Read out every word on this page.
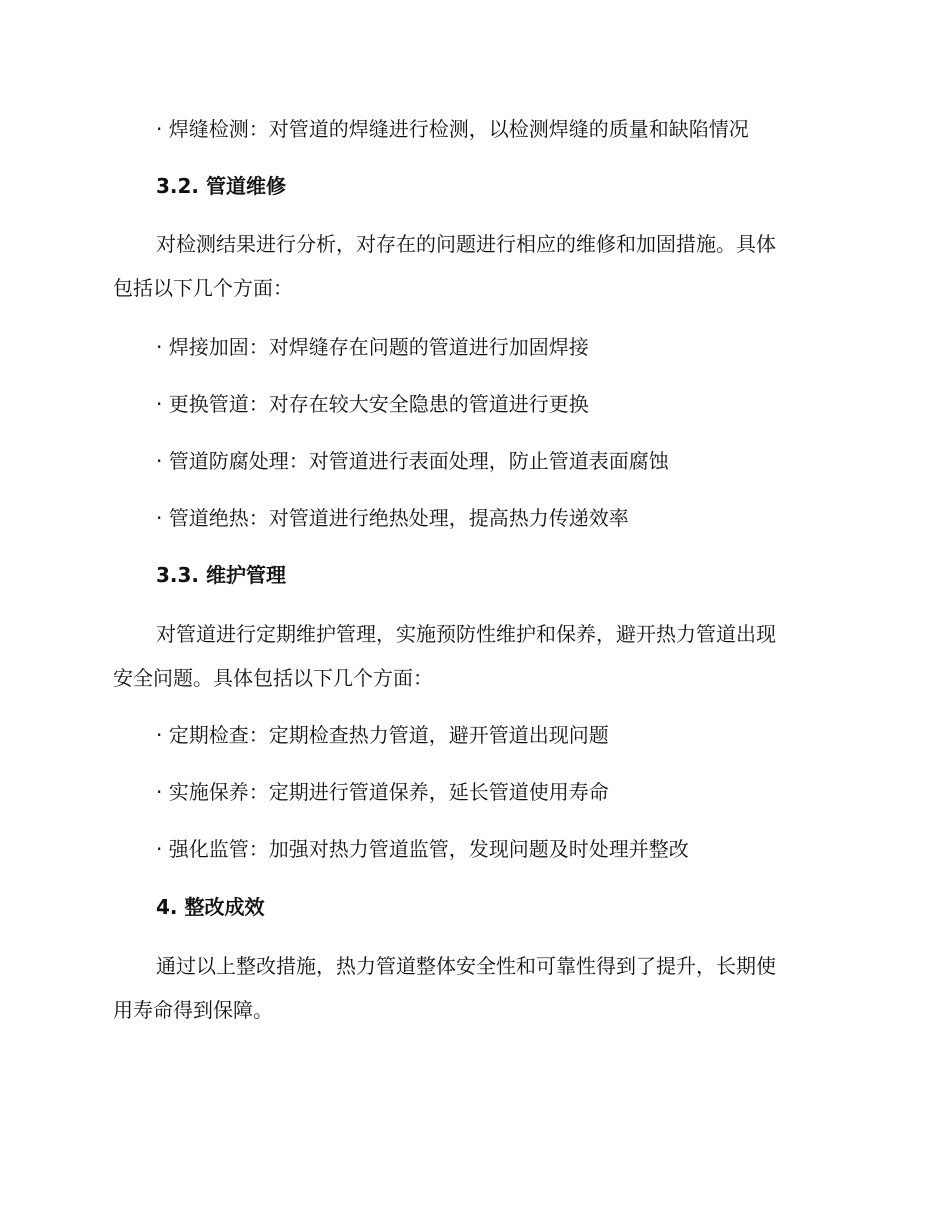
· 焊缝检测：对管道的焊缝进行检测，以检测焊缝的质量和缺陷情况
3.2. 管道维修
对检测结果进行分析，对存在的问题进行相应的维修和加固措施。具体
包括以下几个方面：
· 焊接加固：对焊缝存在问题的管道进行加固焊接
· 更换管道：对存在较大安全隐患的管道进行更换
· 管道防腐处理：对管道进行表面处理，防止管道表面腐蚀
· 管道绝热：对管道进行绝热处理，提高热力传递效率
3.3. 维护管理
对管道进行定期维护管理，实施预防性维护和保养，避开热力管道出现
安全问题。具体包括以下几个方面：
· 定期检查：定期检查热力管道，避开管道出现问题
· 实施保养：定期进行管道保养，延长管道使用寿命
· 强化监管：加强对热力管道监管，发现问题及时处理并整改
4. 整改成效
通过以上整改措施，热力管道整体安全性和可靠性得到了提升，长期使
用寿命得到保障。
